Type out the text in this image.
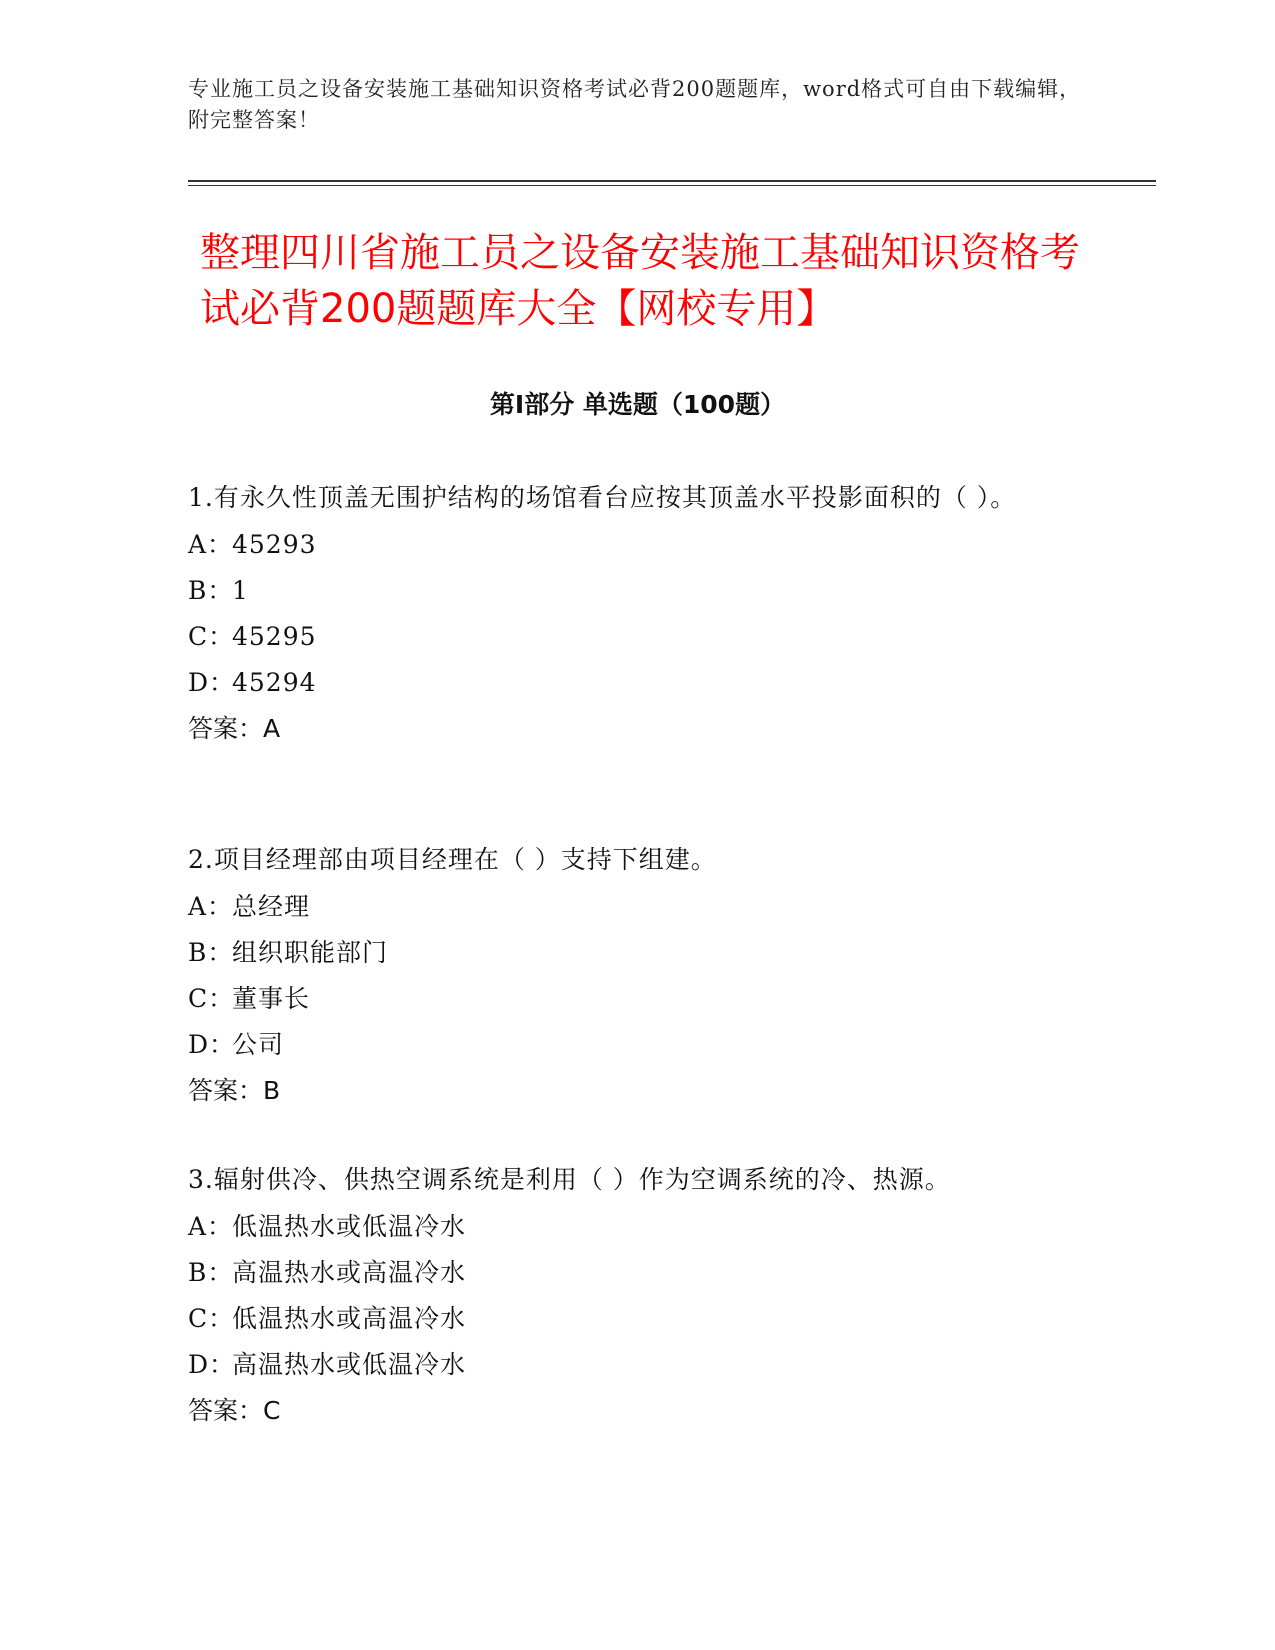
专业施工员之设备安装施工基础知识资格考试必背200题题库，word格式可自由下载编辑，附完整答案！
整理四川省施工员之设备安装施工基础知识资格考试必背200题题库大全【网校专用】
第Ⅰ部分 单选题（100题）
1.有永久性顶盖无围护结构的场馆看台应按其顶盖水平投影面积的（ ）。
A：
45293
B：
1
C：
45295
D：
45294
答案：A
2.项目经理部由项目经理在（ ）支持下组建。
A：
总经理
B：
组织职能部门
C：
董事长
D：
公司
答案：B
3.辐射供冷、供热空调系统是利用（ ）作为空调系统的冷、热源。
A：
低温热水或低温冷水
B：
高温热水或高温冷水
C：
低温热水或高温冷水
D：
高温热水或低温冷水
答案：C
